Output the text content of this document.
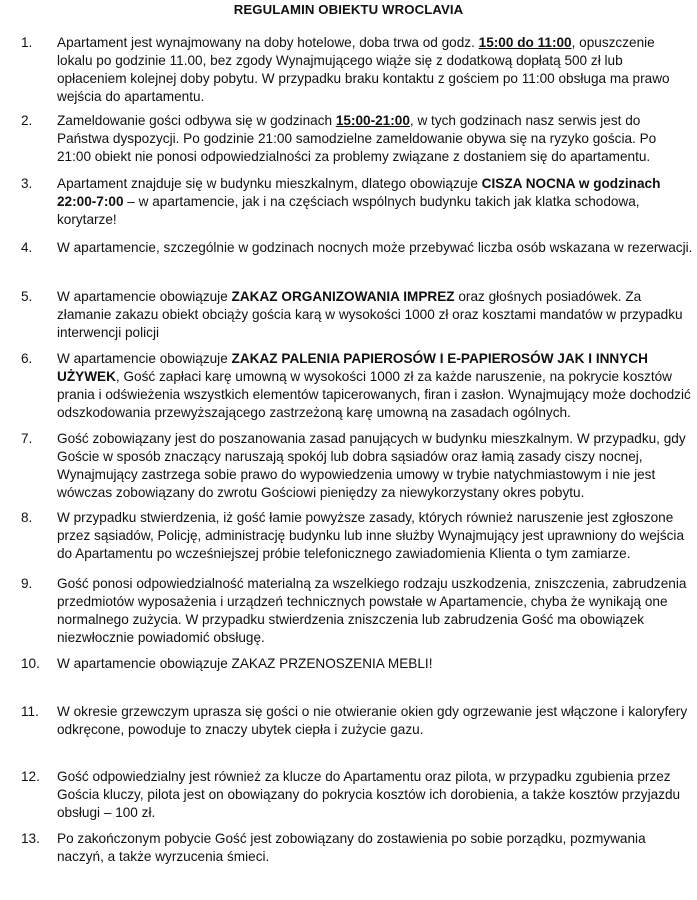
REGULAMIN OBIEKTU WROCLAVIA
1. Apartament jest wynajmowany na doby hotelowe, doba trwa od godz. 15:00 do 11:00, opuszczenie lokalu po godzinie 11.00, bez zgody Wynajmującego wiąże się z dodatkową dopłatą 500 zł lub opłaceniem kolejnej doby pobytu. W przypadku braku kontaktu z gościem po 11:00 obsługa ma prawo wejścia do apartamentu.
2. Zameldowanie gości odbywa się w godzinach 15:00-21:00, w tych godzinach nasz serwis jest do Państwa dyspozycji. Po godzinie 21:00 samodzielne zameldowanie obywa się na ryzyko gościa. Po 21:00 obiekt nie ponosi odpowiedzialności za problemy związane z dostaniem się do apartamentu.
3. Apartament znajduje się w budynku mieszkalnym, dlatego obowiązuje CISZA NOCNA w godzinach 22:00-7:00 – w apartamencie, jak i na częściach wspólnych budynku takich jak klatka schodowa, korytarze!
4. W apartamencie, szczególnie w godzinach nocnych może przebywać liczba osób wskazana w rezerwacji.
5. W apartamencie obowiązuje ZAKAZ ORGANIZOWANIA IMPREZ oraz głośnych posiadówek. Za złamanie zakazu obiekt obciąży gościa karą w wysokości 1000 zł oraz kosztami mandatów w przypadku interwencji policji
6. W apartamencie obowiązuje ZAKAZ PALENIA PAPIEROSÓW I E-PAPIEROSÓW JAK I INNYCH UŻYWEK, Gość zapłaci karę umowną w wysokości 1000 zł za każde naruszenie, na pokrycie kosztów prania i odświeżenia wszystkich elementów tapicerowanych, firan i zasłon. Wynajmujący może dochodzić odszkodowania przewyższającego zastrzeżoną karę umowną na zasadach ogólnych.
7. Gość zobowiązany jest do poszanowania zasad panujących w budynku mieszkalnym. W przypadku, gdy Goście w sposób znaczący naruszają spokój lub dobra sąsiadów oraz łamią zasady ciszy nocnej, Wynajmujący zastrzega sobie prawo do wypowiedzenia umowy w trybie natychmiastowym i nie jest wówczas zobowiązany do zwrotu Gościowi pieniędzy za niewykorzystany okres pobytu.
8. W przypadku stwierdzenia, iż gość łamie powyższe zasady, których również naruszenie jest zgłoszone przez sąsiadów, Policję, administrację budynku lub inne służby Wynajmujący jest uprawniony do wejścia do Apartamentu po wcześniejszej próbie telefonicznego zawiadomienia Klienta o tym zamiarze.
9. Gość ponosi odpowiedzialność materialną za wszelkiego rodzaju uszkodzenia, zniszczenia, zabrudzenia przedmiotów wyposażenia i urządzeń technicznych powstałe w Apartamencie, chyba że wynikają one normalnego zużycia. W przypadku stwierdzenia zniszczenia lub zabrudzenia Gość ma obowiązek niezwłocznie powiadomić obsługę.
10. W apartamencie obowiązuje ZAKAZ PRZENOSZENIA MEBLI!
11. W okresie grzewczym uprasza się gości o nie otwieranie okien gdy ogrzewanie jest włączone i kaloryfery odkręcone, powoduje to znaczy ubytek ciepła i zużycie gazu.
12. Gość odpowiedzialny jest również za klucze do Apartamentu oraz pilota, w przypadku zgubienia przez Gościa kluczy, pilota jest on obowiązany do pokrycia kosztów ich dorobienia, a także kosztów przyjazdu obsługi – 100 zł.
13. Po zakończonym pobycie Gość jest zobowiązany do zostawienia po sobie porządku, pozmywania naczyń, a także wyrzucenia śmieci.
